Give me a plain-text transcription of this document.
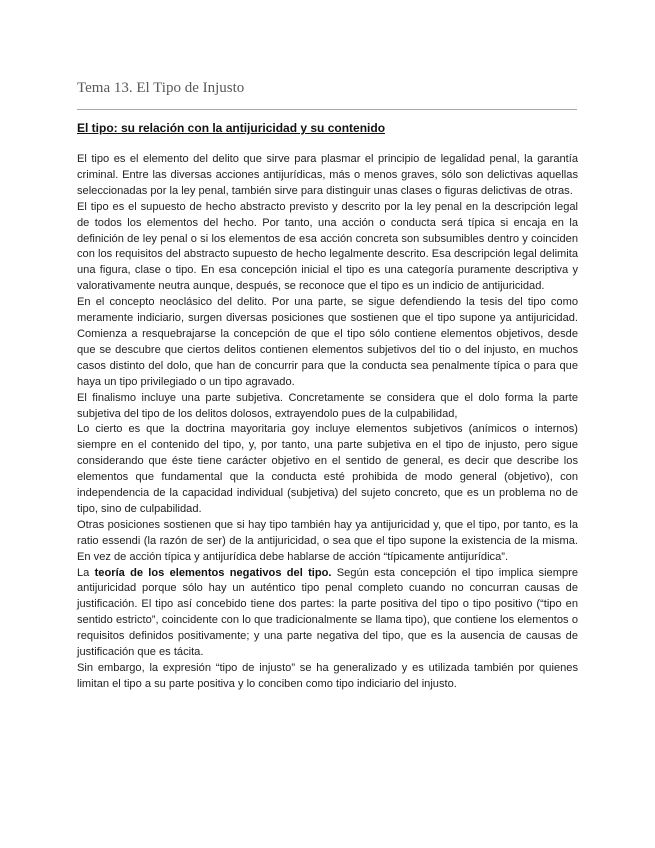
Tema 13. El Tipo de Injusto
El tipo: su relación con la antijuricidad y su contenido

El tipo es el elemento del delito que sirve para plasmar el principio de legalidad penal, la garantía criminal. Entre las diversas acciones antijurídicas, más o menos graves, sólo son delictivas aquellas seleccionadas por la ley penal, también sirve para distinguir unas clases o figuras delictivas de otras.

El tipo es el supuesto de hecho abstracto previsto y descrito por la ley penal en la descripción legal de todos los elementos del hecho. Por tanto, una acción o conducta será típica si encaja en la definición de ley penal o si los elementos de esa acción concreta son subsumibles dentro y coinciden con los requisitos del abstracto supuesto de hecho legalmente descrito. Esa descripción legal delimita una figura, clase o tipo. En esa concepción inicial el tipo es una categoría puramente descriptiva y valorativamente neutra aunque, después, se reconoce que el tipo es un indicio de antijuricidad.

En el concepto neoclásico del delito. Por una parte, se sigue defendiendo la tesis del tipo como meramente indiciario, surgen diversas posiciones que sostienen que el tipo supone ya antijuricidad. Comienza a resquebrajarse la concepción de que el tipo sólo contiene elementos objetivos, desde que se descubre que ciertos delitos contienen elementos subjetivos del tio o del injusto, en muchos casos distinto del dolo, que han de concurrir para que la conducta sea penalmente típica o para que haya un tipo privilegiado o un tipo agravado.

El finalismo incluye una parte subjetiva. Concretamente se considera que el dolo forma la parte subjetiva del tipo de los delitos dolosos, extrayendolo pues de la culpabilidad,

Lo cierto es que la doctrina mayoritaria goy incluye elementos subjetivos (anímicos o internos) siempre en el contenido del tipo, y, por tanto, una parte subjetiva en el tipo de injusto, pero sigue considerando que éste tiene carácter objetivo en el sentido de general, es decir que describe los elementos que fundamental que la conducta esté prohibida de modo general (objetivo), con independencia de la capacidad individual (subjetiva) del sujeto concreto, que es un problema no de tipo, sino de culpabilidad.

Otras posiciones sostienen que si hay tipo también hay ya antijuricidad y, que el tipo, por tanto, es la ratio essendi (la razón de ser) de la antijuricidad, o sea que el tipo supone la existencia de la misma. En vez de acción típica y antijurídica debe hablarse de acción “típicamente antijurídica”.

La teoría de los elementos negativos del tipo. Según esta concepción el tipo implica siempre antijuricidad porque sólo hay un auténtico tipo penal completo cuando no concurran causas de justificación. El tipo así concebido tiene dos partes: la parte positiva del tipo o tipo positivo (“tipo en sentido estricto”, coincidente con lo que tradicionalmente se llama tipo), que contiene los elementos o requisitos definidos positivamente; y una parte negativa del tipo, que es la ausencia de causas de justificación que es tácita.

Sin embargo, la expresión “tipo de injusto” se ha generalizado y es utilizada también por quienes limitan el tipo a su parte positiva y lo conciben como tipo indiciario del injusto.
